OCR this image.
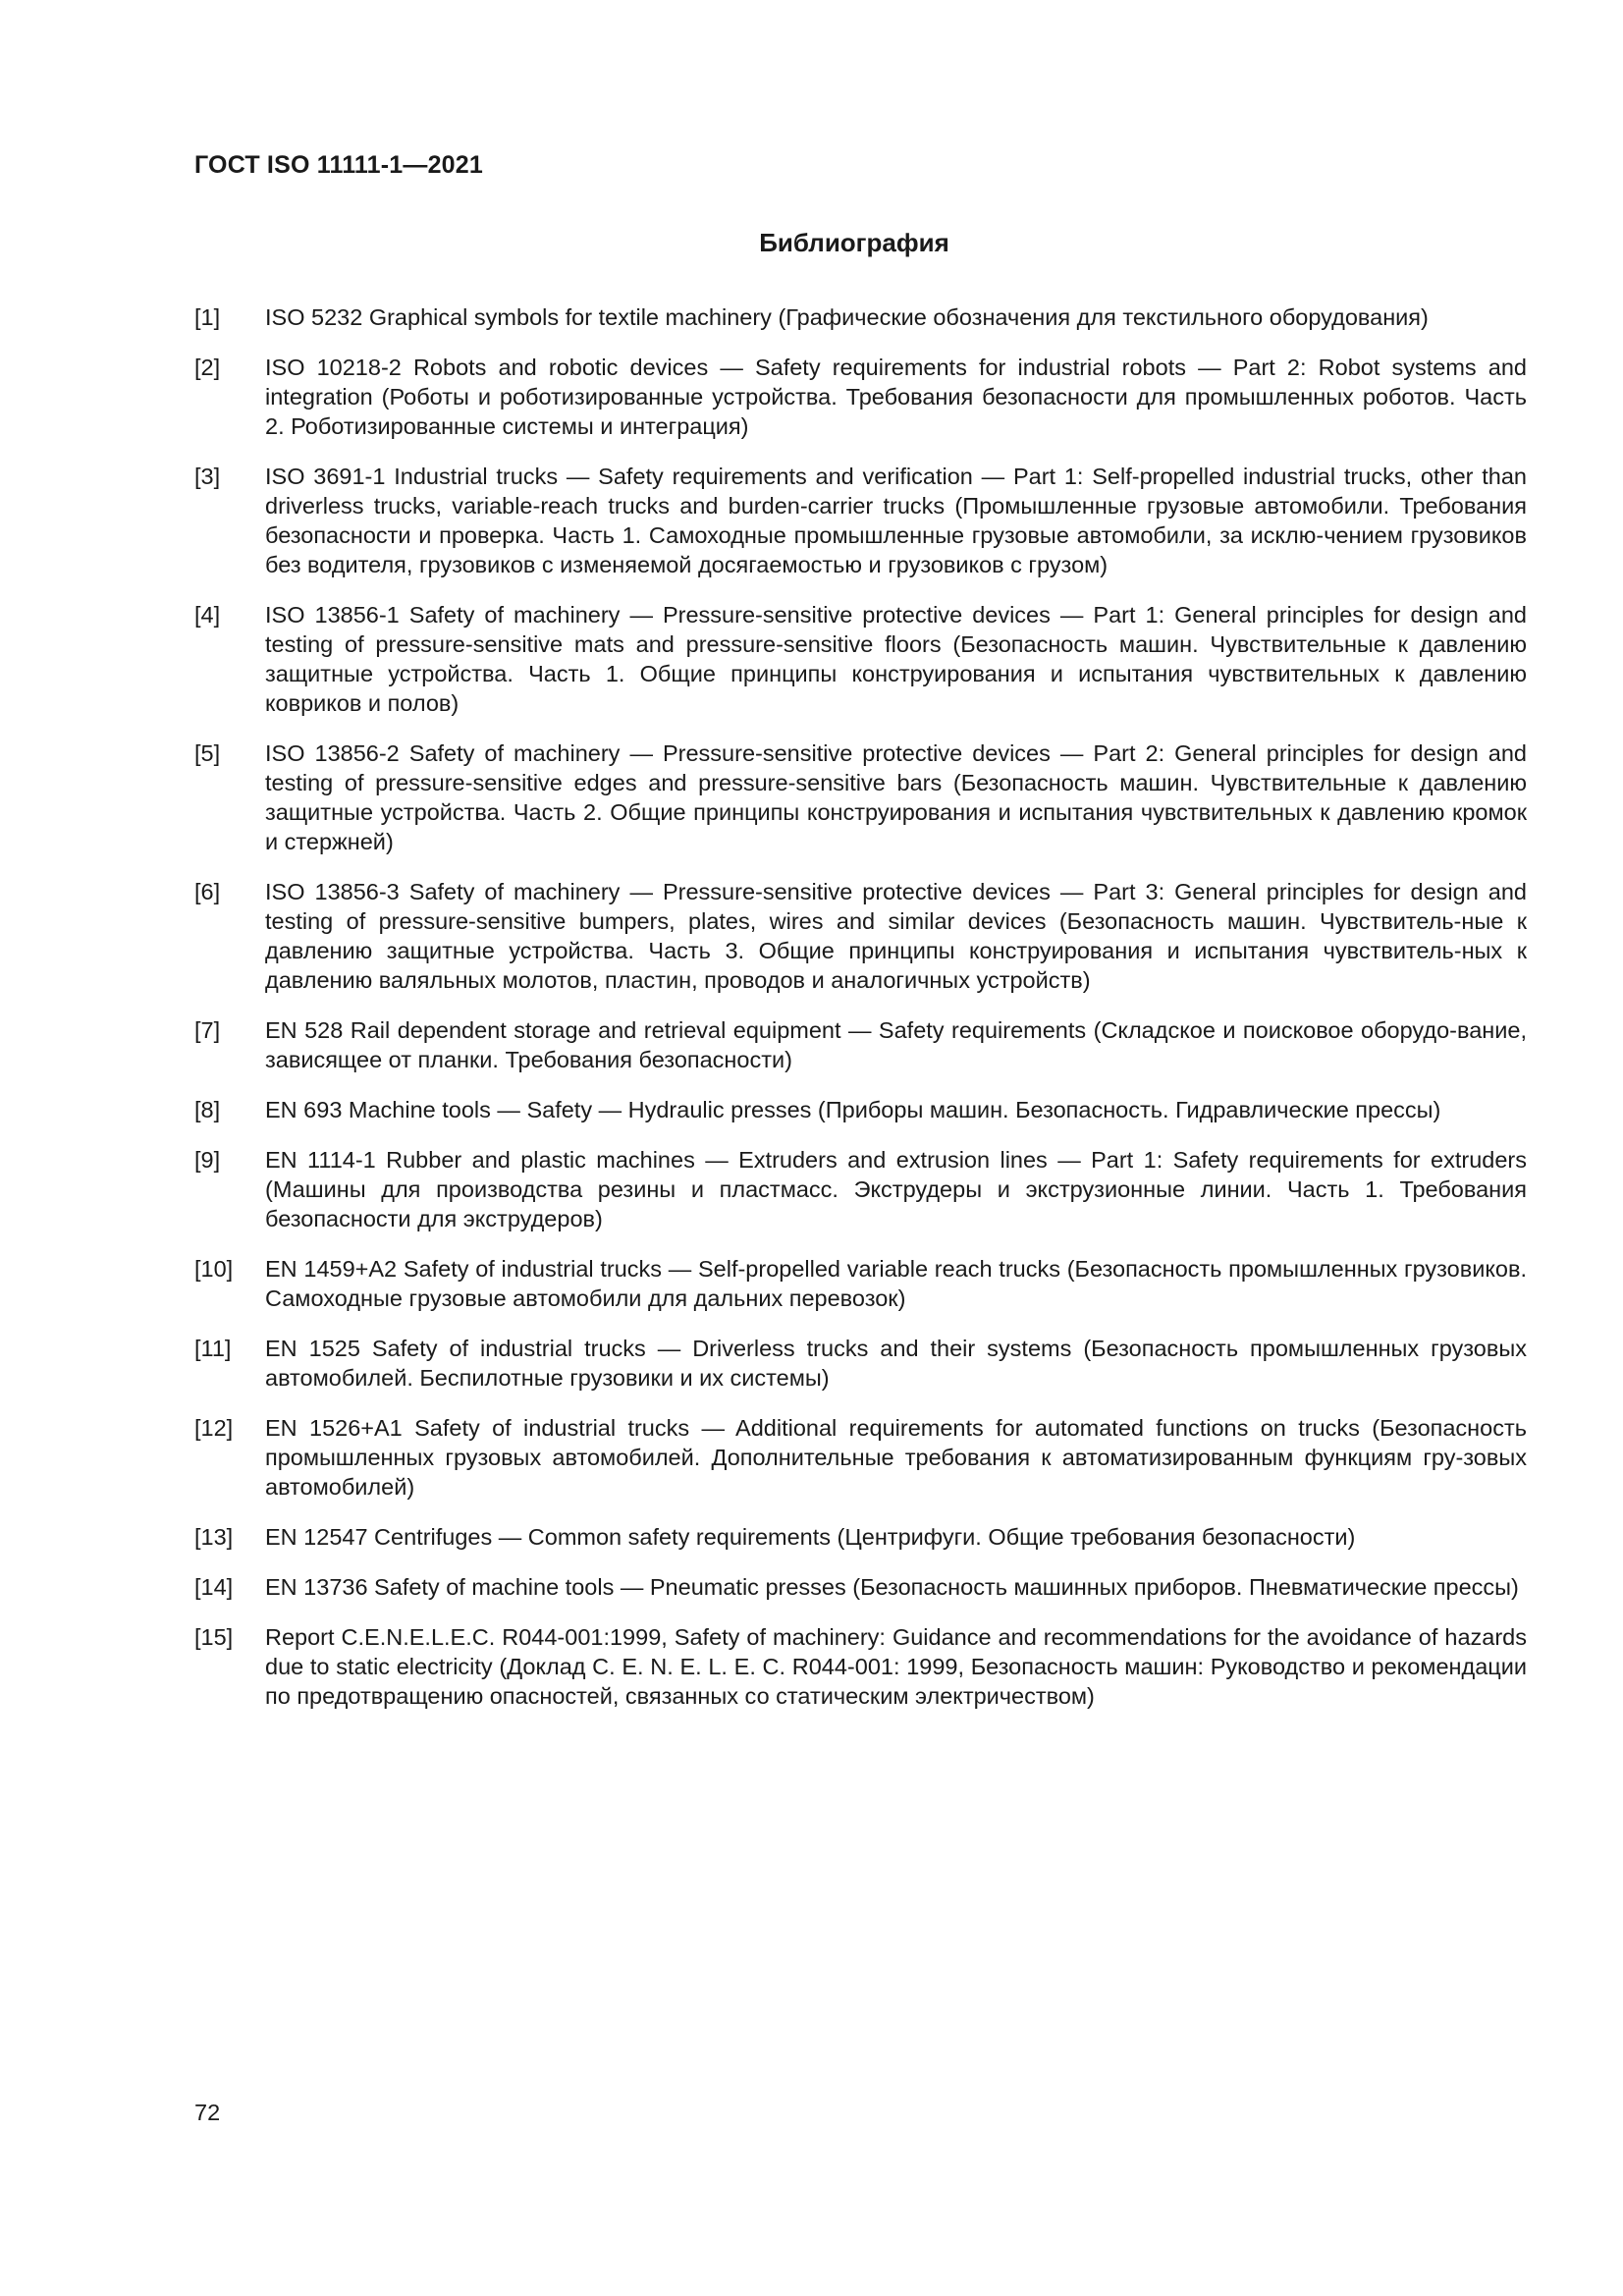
ГОСТ ISO 11111-1—2021
Библиография
[1]	ISO 5232 Graphical symbols for textile machinery (Графические обозначения для текстильного оборудования)
[2]	ISO 10218-2 Robots and robotic devices — Safety requirements for industrial robots — Part 2: Robot systems and integration (Роботы и роботизированные устройства. Требования безопасности для промышленных роботов. Часть 2. Роботизированные системы и интеграция)
[3]	ISO 3691-1 Industrial trucks — Safety requirements and verification — Part 1: Self-propelled industrial trucks, other than driverless trucks, variable-reach trucks and burden-carrier trucks (Промышленные грузовые автомобили. Требования безопасности и проверка. Часть 1. Самоходные промышленные грузовые автомобили, за исклю-чением грузовиков без водителя, грузовиков с изменяемой досягаемостью и грузовиков с грузом)
[4]	ISO 13856-1 Safety of machinery — Pressure-sensitive protective devices — Part 1: General principles for design and testing of pressure-sensitive mats and pressure-sensitive floors (Безопасность машин. Чувствительные к давлению защитные устройства. Часть 1. Общие принципы конструирования и испытания чувствительных к давлению ковриков и полов)
[5]	ISO 13856-2 Safety of machinery — Pressure-sensitive protective devices — Part 2: General principles for design and testing of pressure-sensitive edges and pressure-sensitive bars (Безопасность машин. Чувствительные к давлению защитные устройства. Часть 2. Общие принципы конструирования и испытания чувствительных к давлению кромок и стержней)
[6]	ISO 13856-3 Safety of machinery — Pressure-sensitive protective devices — Part 3: General principles for design and testing of pressure-sensitive bumpers, plates, wires and similar devices (Безопасность машин. Чувствитель-ные к давлению защитные устройства. Часть 3. Общие принципы конструирования и испытания чувствитель-ных к давлению валяльных молотов, пластин, проводов и аналогичных устройств)
[7]	EN 528 Rail dependent storage and retrieval equipment — Safety requirements (Складское и поисковое оборудо-вание, зависящее от планки. Требования безопасности)
[8]	EN 693 Machine tools — Safety — Hydraulic presses (Приборы машин. Безопасность. Гидравлические прессы)
[9]	EN 1114-1 Rubber and plastic machines — Extruders and extrusion lines — Part 1: Safety requirements for extruders (Машины для производства резины и пластмасс. Экструдеры и экструзионные линии. Часть 1. Требования безопасности для экструдеров)
[10]	EN 1459+A2 Safety of industrial trucks — Self-propelled variable reach trucks (Безопасность промышленных грузовиков. Самоходные грузовые автомобили для дальних перевозок)
[11]	EN 1525 Safety of industrial trucks — Driverless trucks and their systems (Безопасность промышленных грузовых автомобилей. Беспилотные грузовики и их системы)
[12]	EN 1526+A1 Safety of industrial trucks — Additional requirements for automated functions on trucks (Безопасность промышленных грузовых автомобилей. Дополнительные требования к автоматизированным функциям гру-зовых автомобилей)
[13]	EN 12547 Centrifuges — Common safety requirements (Центрифуги. Общие требования безопасности)
[14]	EN 13736 Safety of machine tools — Pneumatic presses (Безопасность машинных приборов. Пневматические прессы)
[15]	Report C.E.N.E.L.E.C. R044-001:1999, Safety of machinery: Guidance and recommendations for the avoidance of hazards due to static electricity (Доклад C. E. N. E. L. E. C. R044-001: 1999, Безопасность машин: Руководство и рекомендации по предотвращению опасностей, связанных со статическим электричеством)
72
